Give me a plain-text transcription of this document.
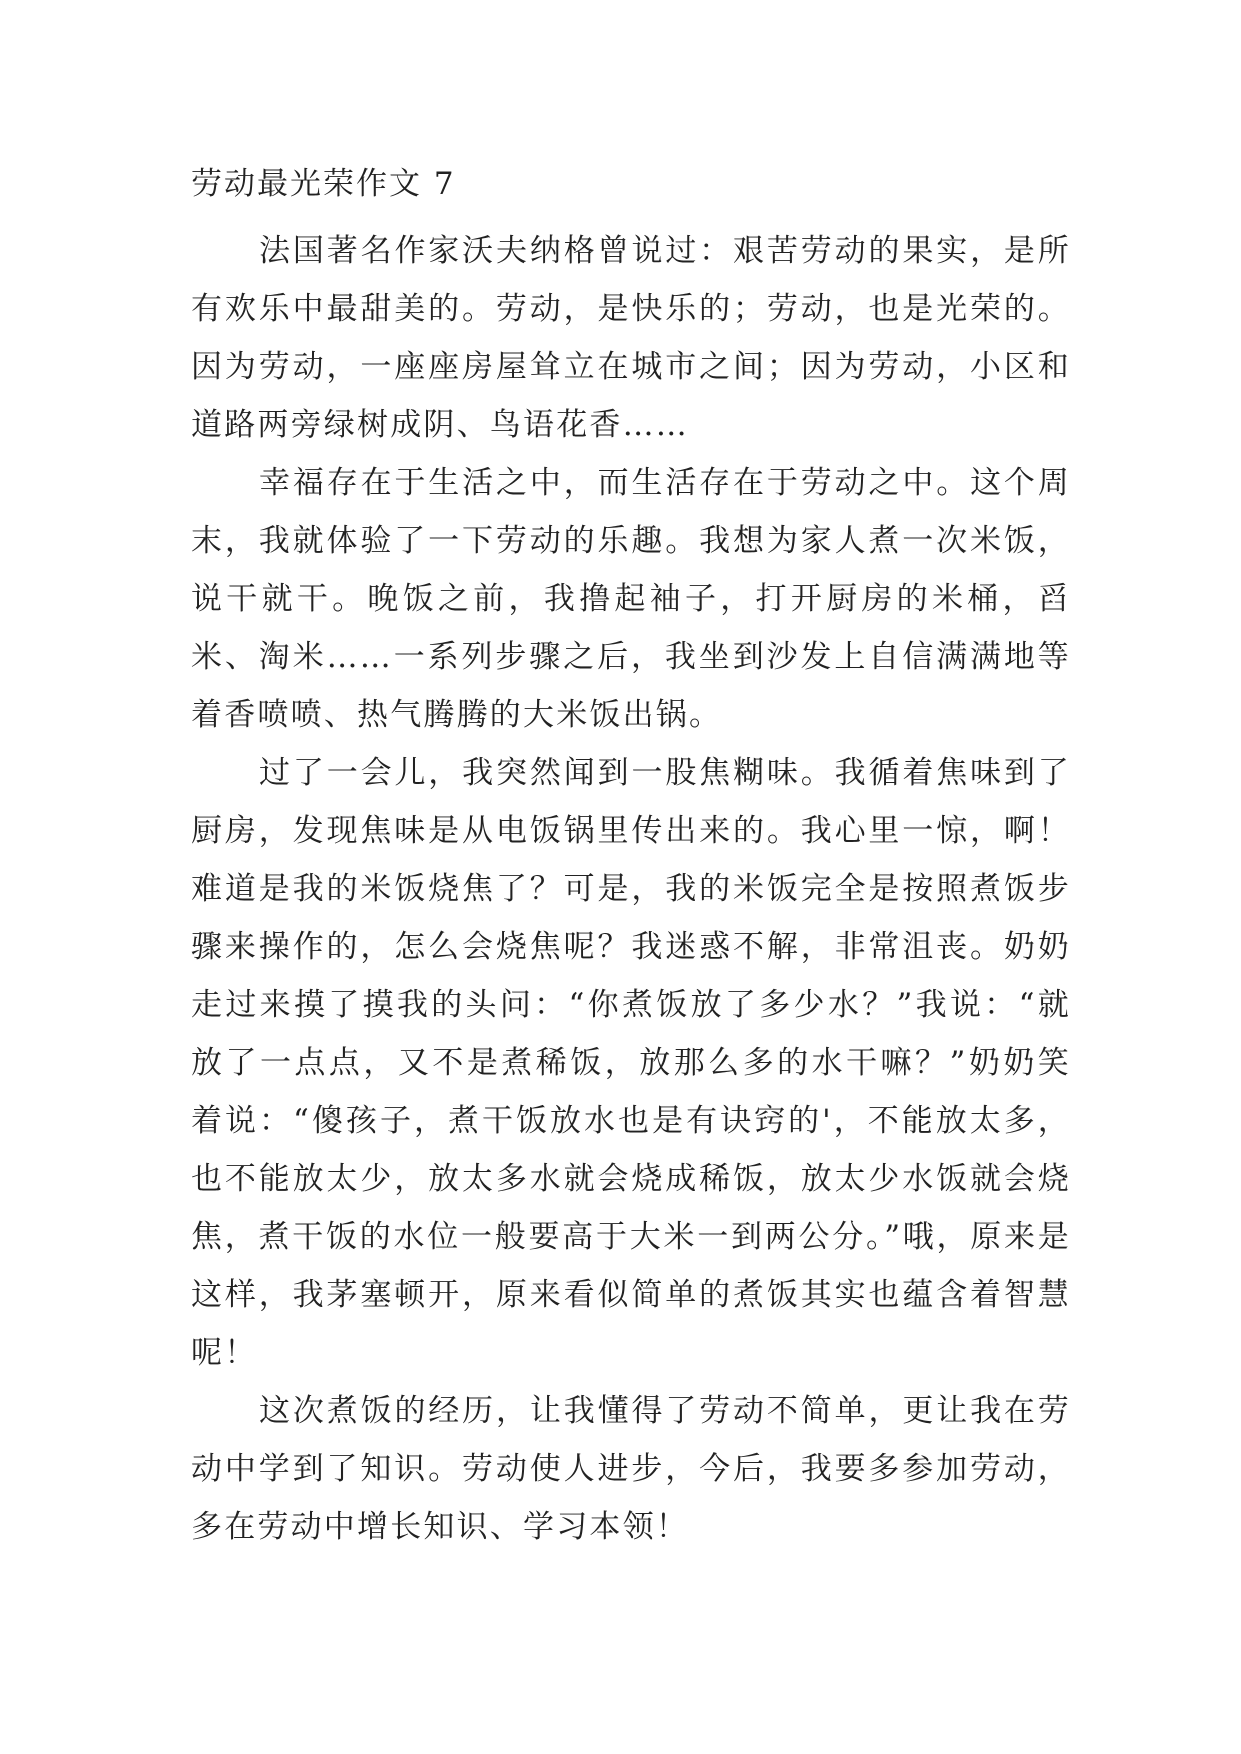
劳动最光荣作文 7

法国著名作家沃夫纳格曾说过：艰苦劳动的果实，是所有欢乐中最甜美的。劳动，是快乐的；劳动，也是光荣的。因为劳动，一座座房屋耸立在城市之间；因为劳动，小区和道路两旁绿树成阴、鸟语花香……

幸福存在于生活之中，而生活存在于劳动之中。这个周末，我就体验了一下劳动的乐趣。我想为家人煮一次米饭，说干就干。晚饭之前，我撸起袖子，打开厨房的米桶，舀米、淘米……一系列步骤之后，我坐到沙发上自信满满地等着香喷喷、热气腾腾的大米饭出锅。

过了一会儿，我突然闻到一股焦糊味。我循着焦味到了厨房，发现焦味是从电饭锅里传出来的。我心里一惊，啊！难道是我的米饭烧焦了？可是，我的米饭完全是按照煮饭步骤来操作的，怎么会烧焦呢？我迷惑不解，非常沮丧。奶奶走过来摸了摸我的头问：“你煮饭放了多少水？”我说：“就放了一点点，又不是煮稀饭，放那么多的水干嘛？”奶奶笑着说：“傻孩子，煮干饭放水也是有诀窍的'，不能放太多，也不能放太少，放太多水就会烧成稀饭，放太少水饭就会烧焦，煮干饭的水位一般要高于大米一到两公分。”哦，原来是这样，我茅塞顿开，原来看似简单的煮饭其实也蕴含着智慧呢！

这次煮饭的经历，让我懂得了劳动不简单，更让我在劳动中学到了知识。劳动使人进步，今后，我要多参加劳动，多在劳动中增长知识、学习本领！
